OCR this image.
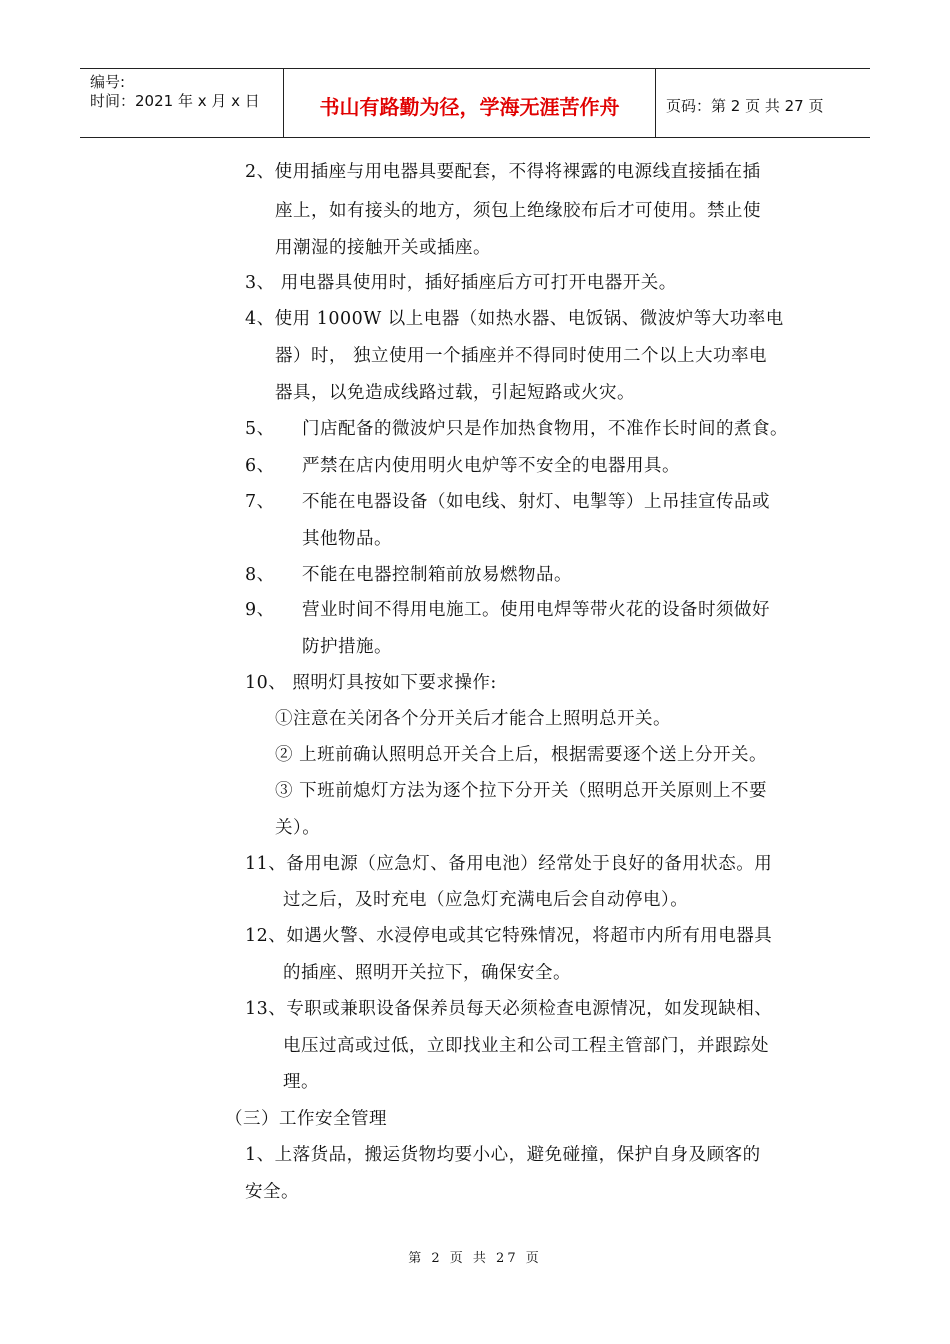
编号:
时间：2021 年 x 月 x 日	书山有路勤为径，学海无涯苦作舟	页码：第 2 页 共 27 页
2、使用插座与用电器具要配套，不得将裸露的电源线直接插在插
座上，如有接头的地方，须包上绝缘胶布后才可使用。禁止使
用潮湿的接触开关或插座。
3、 用电器具使用时，插好插座后方可打开电器开关。
4、使用 1000W 以上电器（如热水器、电饭锅、微波炉等大功率电
器）时， 独立使用一个插座并不得同时使用二个以上大功率电
器具，以免造成线路过载，引起短路或火灾。
5、 门店配备的微波炉只是作加热食物用，不准作长时间的煮食。
6、 严禁在店内使用明火电炉等不安全的电器用具。
7、 不能在电器设备（如电线、射灯、电掣等）上吊挂宣传品或
其他物品。
8、 不能在电器控制箱前放易燃物品。
9、 营业时间不得用电施工。使用电焊等带火花的设备时须做好
防护措施。
10、 照明灯具按如下要求操作:
①注意在关闭各个分开关后才能合上照明总开关。
② 上班前确认照明总开关合上后，根据需要逐个送上分开关。
③ 下班前熄灯方法为逐个拉下分开关（照明总开关原则上不要
关）。
11、备用电源（应急灯、备用电池）经常处于良好的备用状态。用
过之后，及时充电（应急灯充满电后会自动停电）。
12、如遇火警、水浸停电或其它特殊情况，将超市内所有用电器具
的插座、照明开关拉下，确保安全。
13、专职或兼职设备保养员每天必须检查电源情况，如发现缺相、
电压过高或过低，立即找业主和公司工程主管部门，并跟踪处
理。
（三）工作安全管理
1、上落货品，搬运货物均要小心，避免碰撞，保护自身及顾客的
安全。
第 2 页 共 27 页
